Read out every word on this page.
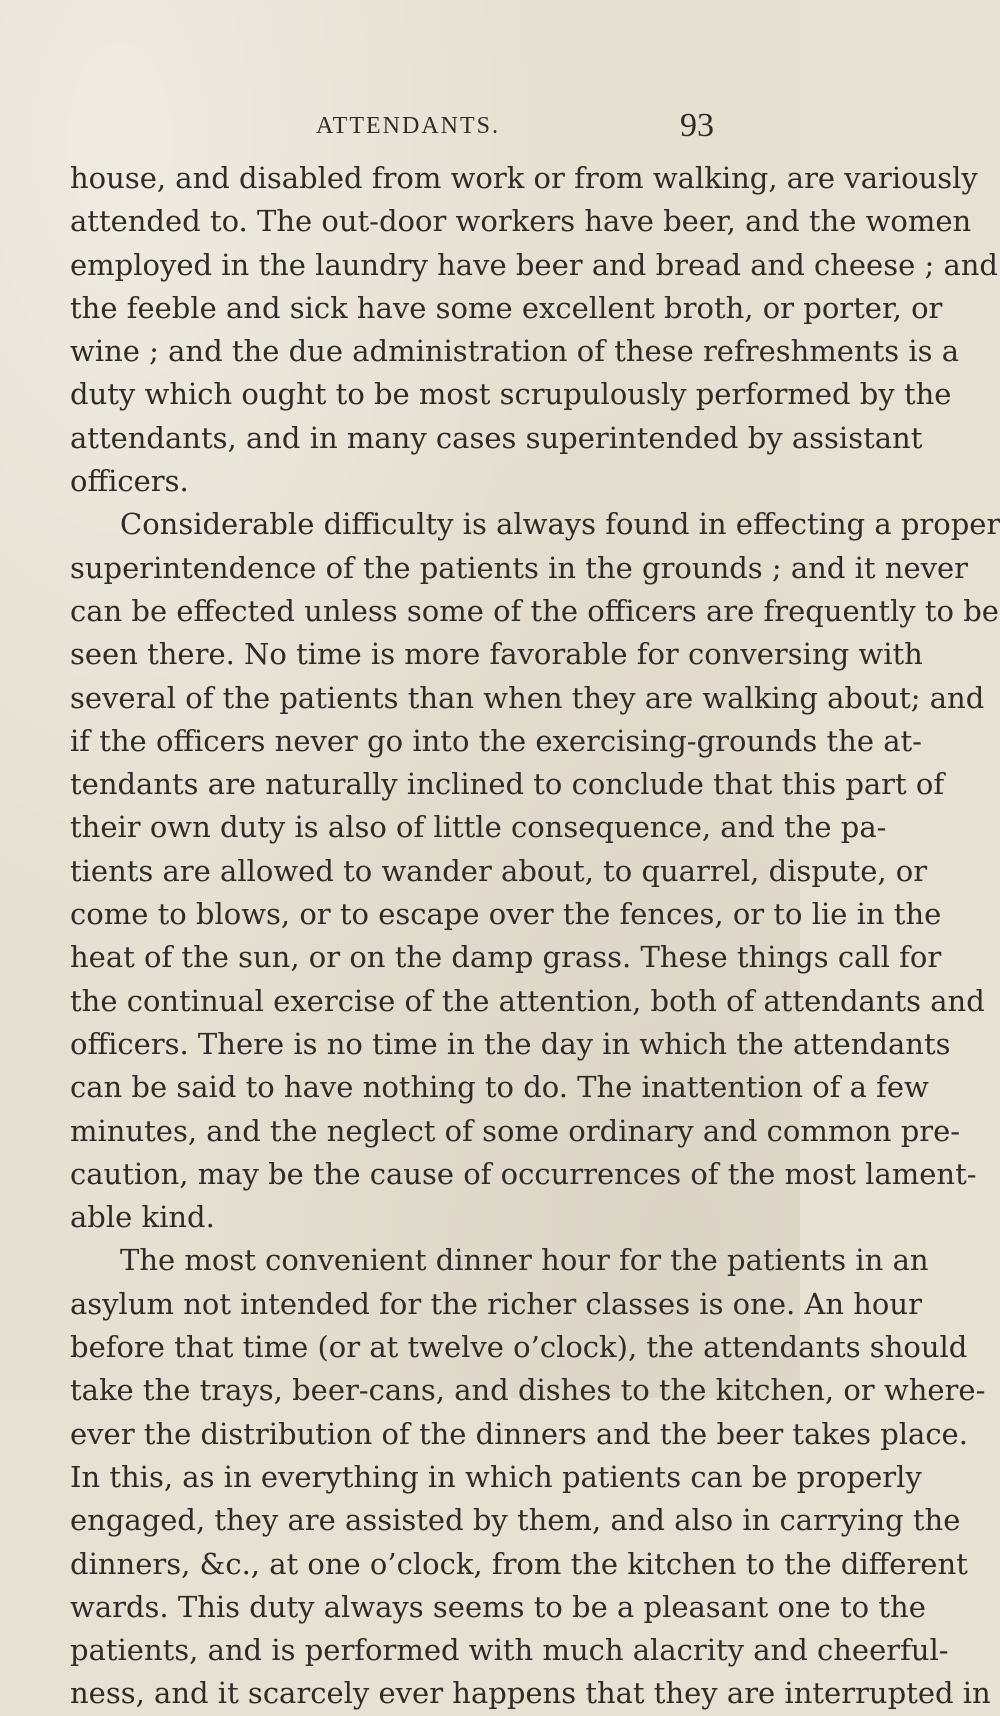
ATTENDANTS.	93
house, and disabled from work or from walking, are variously
attended to. The out-door workers have beer, and the women
employed in the laundry have beer and bread and cheese ; and
the feeble and sick have some excellent broth, or porter, or
wine ; and the due administration of these refreshments is a
duty which ought to be most scrupulously performed by the
attendants, and in many cases superintended by assistant
officers.
Considerable difficulty is always found in effecting a proper
superintendence of the patients in the grounds ; and it never
can be effected unless some of the officers are frequently to be
seen there. No time is more favorable for conversing with
several of the patients than when they are walking about; and
if the officers never go into the exercising-grounds the at-
tendants are naturally inclined to conclude that this part of
their own duty is also of little consequence, and the pa-
tients are allowed to wander about, to quarrel, dispute, or
come to blows, or to escape over the fences, or to lie in the
heat of the sun, or on the damp grass. These things call for
the continual exercise of the attention, both of attendants and
officers. There is no time in the day in which the attendants
can be said to have nothing to do. The inattention of a few
minutes, and the neglect of some ordinary and common pre-
caution, may be the cause of occurrences of the most lament-
able kind.
The most convenient dinner hour for the patients in an
asylum not intended for the richer classes is one. An hour
before that time (or at twelve o’clock), the attendants should
take the trays, beer-cans, and dishes to the kitchen, or where-
ever the distribution of the dinners and the beer takes place.
In this, as in everything in which patients can be properly
engaged, they are assisted by them, and also in carrying the
dinners, &c., at one o’clock, from the kitchen to the different
wards. This duty always seems to be a pleasant one to the
patients, and is performed with much alacrity and cheerful-
ness, and it scarcely ever happens that they are interrupted in
